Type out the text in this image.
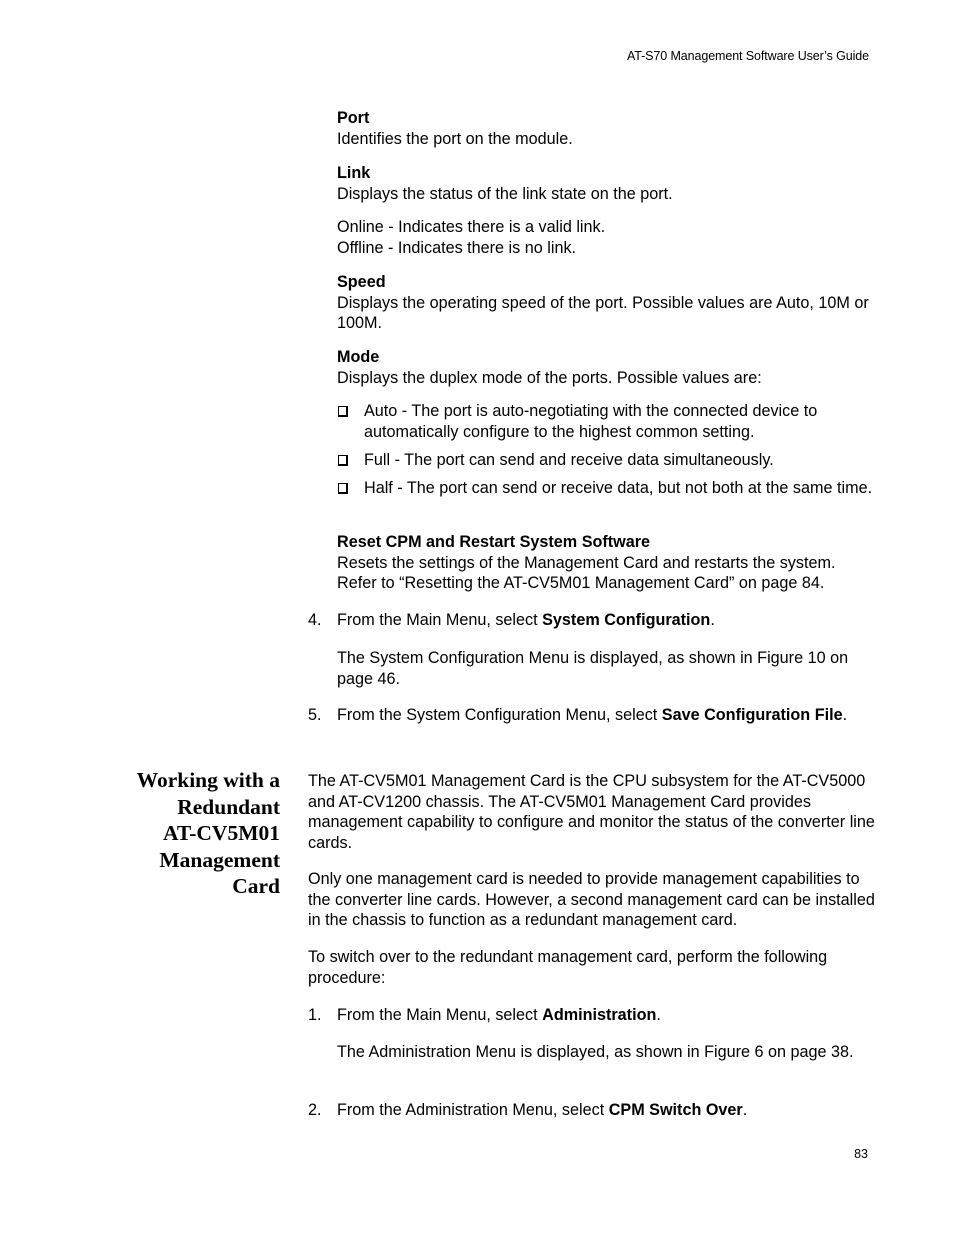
AT-S70 Management Software User’s Guide
Port
Identifies the port on the module.
Link
Displays the status of the link state on the port.
Online - Indicates there is a valid link.
Offline - Indicates there is no link.
Speed
Displays the operating speed of the port. Possible values are Auto, 10M or 100M.
Mode
Displays the duplex mode of the ports. Possible values are:
Auto - The port is auto-negotiating with the connected device to automatically configure to the highest common setting.
Full - The port can send and receive data simultaneously.
Half - The port can send or receive data, but not both at the same time.
Reset CPM and Restart System Software
Resets the settings of the Management Card and restarts the system. Refer to “Resetting the AT-CV5M01 Management Card” on page 84.
4. From the Main Menu, select System Configuration.
The System Configuration Menu is displayed, as shown in Figure 10 on page 46.
5. From the System Configuration Menu, select Save Configuration File.
Working with a
Redundant
AT-CV5M01
Management
Card
The AT-CV5M01 Management Card is the CPU subsystem for the AT-CV5000 and AT-CV1200 chassis. The AT-CV5M01 Management Card provides management capability to configure and monitor the status of the converter line cards.
Only one management card is needed to provide management capabilities to the converter line cards. However, a second management card can be installed in the chassis to function as a redundant management card.
To switch over to the redundant management card, perform the following procedure:
1. From the Main Menu, select Administration.
The Administration Menu is displayed, as shown in Figure 6 on page 38.
2. From the Administration Menu, select CPM Switch Over.
83
